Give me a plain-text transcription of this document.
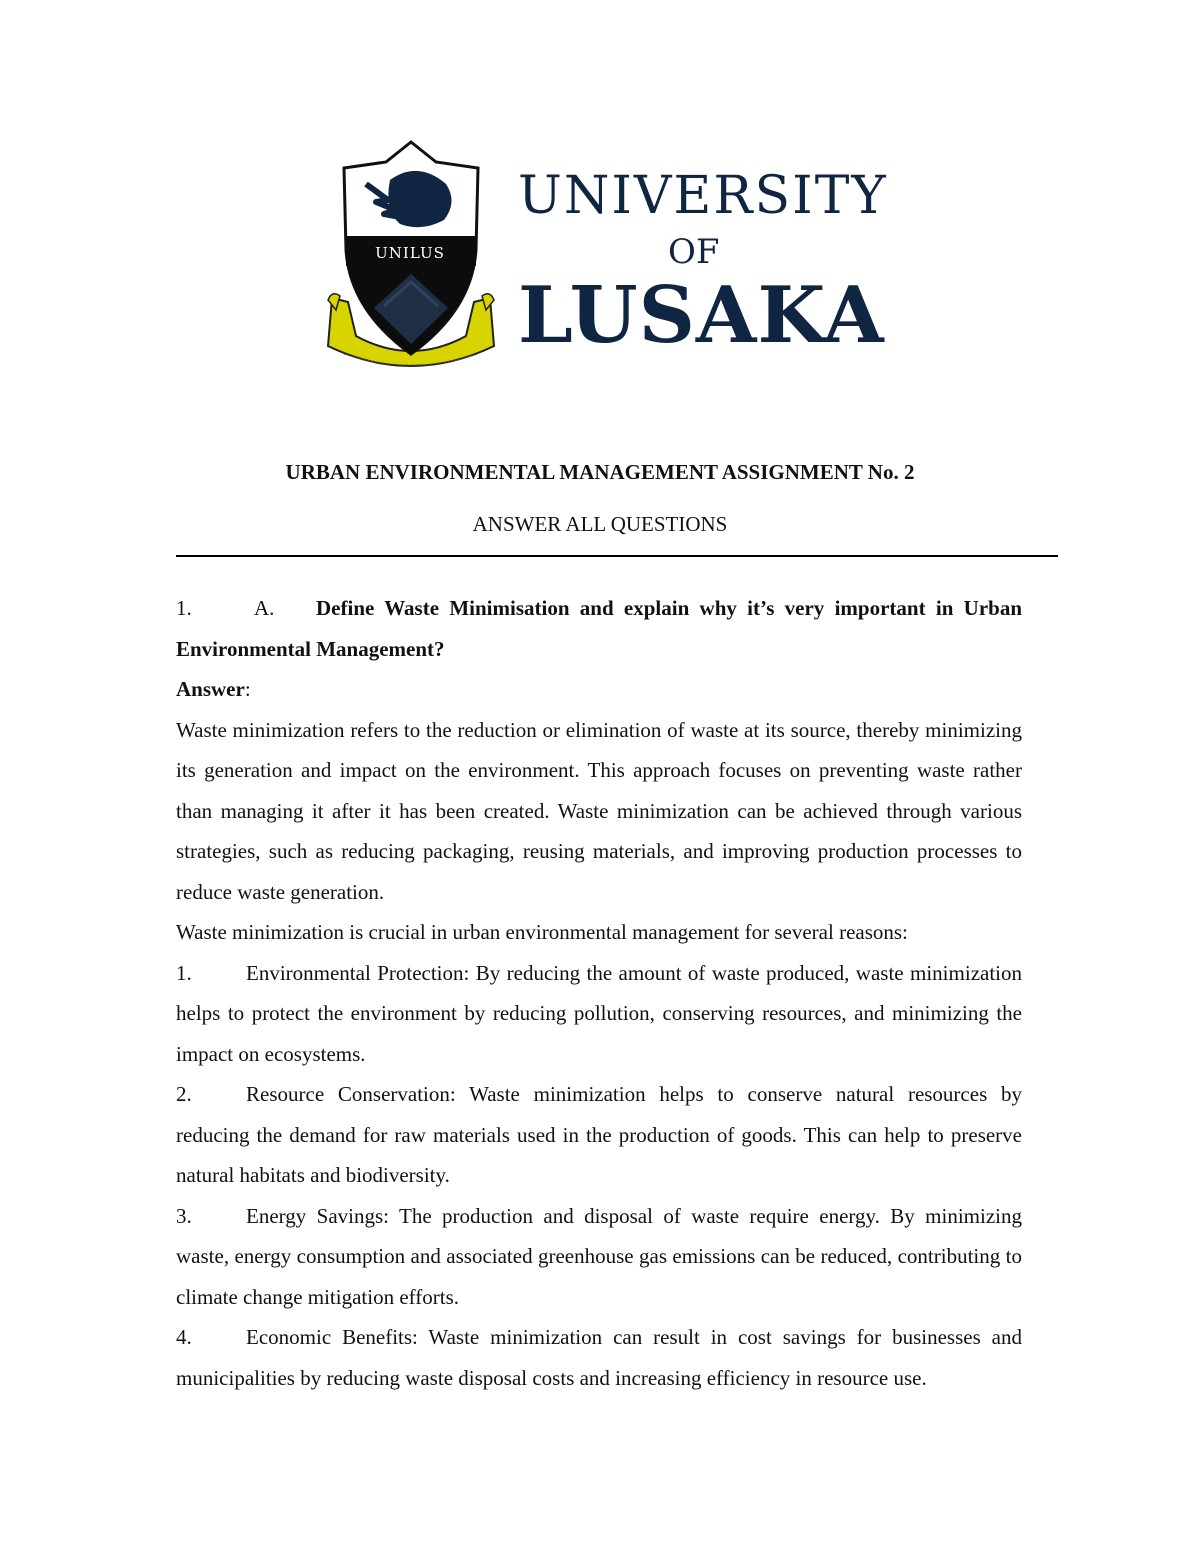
UNILUS
UNIVERSITY
OF
LUSAKA
URBAN ENVIRONMENTAL MANAGEMENT ASSIGNMENT No. 2
ANSWER ALL QUESTIONS

1.	A. Define Waste Minimisation and explain why it’s very important in Urban Environmental Management?

Answer:

Waste minimization refers to the reduction or elimination of waste at its source, thereby minimizing its generation and impact on the environment. This approach focuses on preventing waste rather than managing it after it has been created. Waste minimization can be achieved through various strategies, such as reducing packaging, reusing materials, and improving production processes to reduce waste generation.

Waste minimization is crucial in urban environmental management for several reasons:

1.	Environmental Protection: By reducing the amount of waste produced, waste minimization helps to protect the environment by reducing pollution, conserving resources, and minimizing the impact on ecosystems.

2.	Resource Conservation: Waste minimization helps to conserve natural resources by reducing the demand for raw materials used in the production of goods. This can help to preserve natural habitats and biodiversity.

3.	Energy Savings: The production and disposal of waste require energy. By minimizing waste, energy consumption and associated greenhouse gas emissions can be reduced, contributing to climate change mitigation efforts.

4.	Economic Benefits: Waste minimization can result in cost savings for businesses and municipalities by reducing waste disposal costs and increasing efficiency in resource use.
